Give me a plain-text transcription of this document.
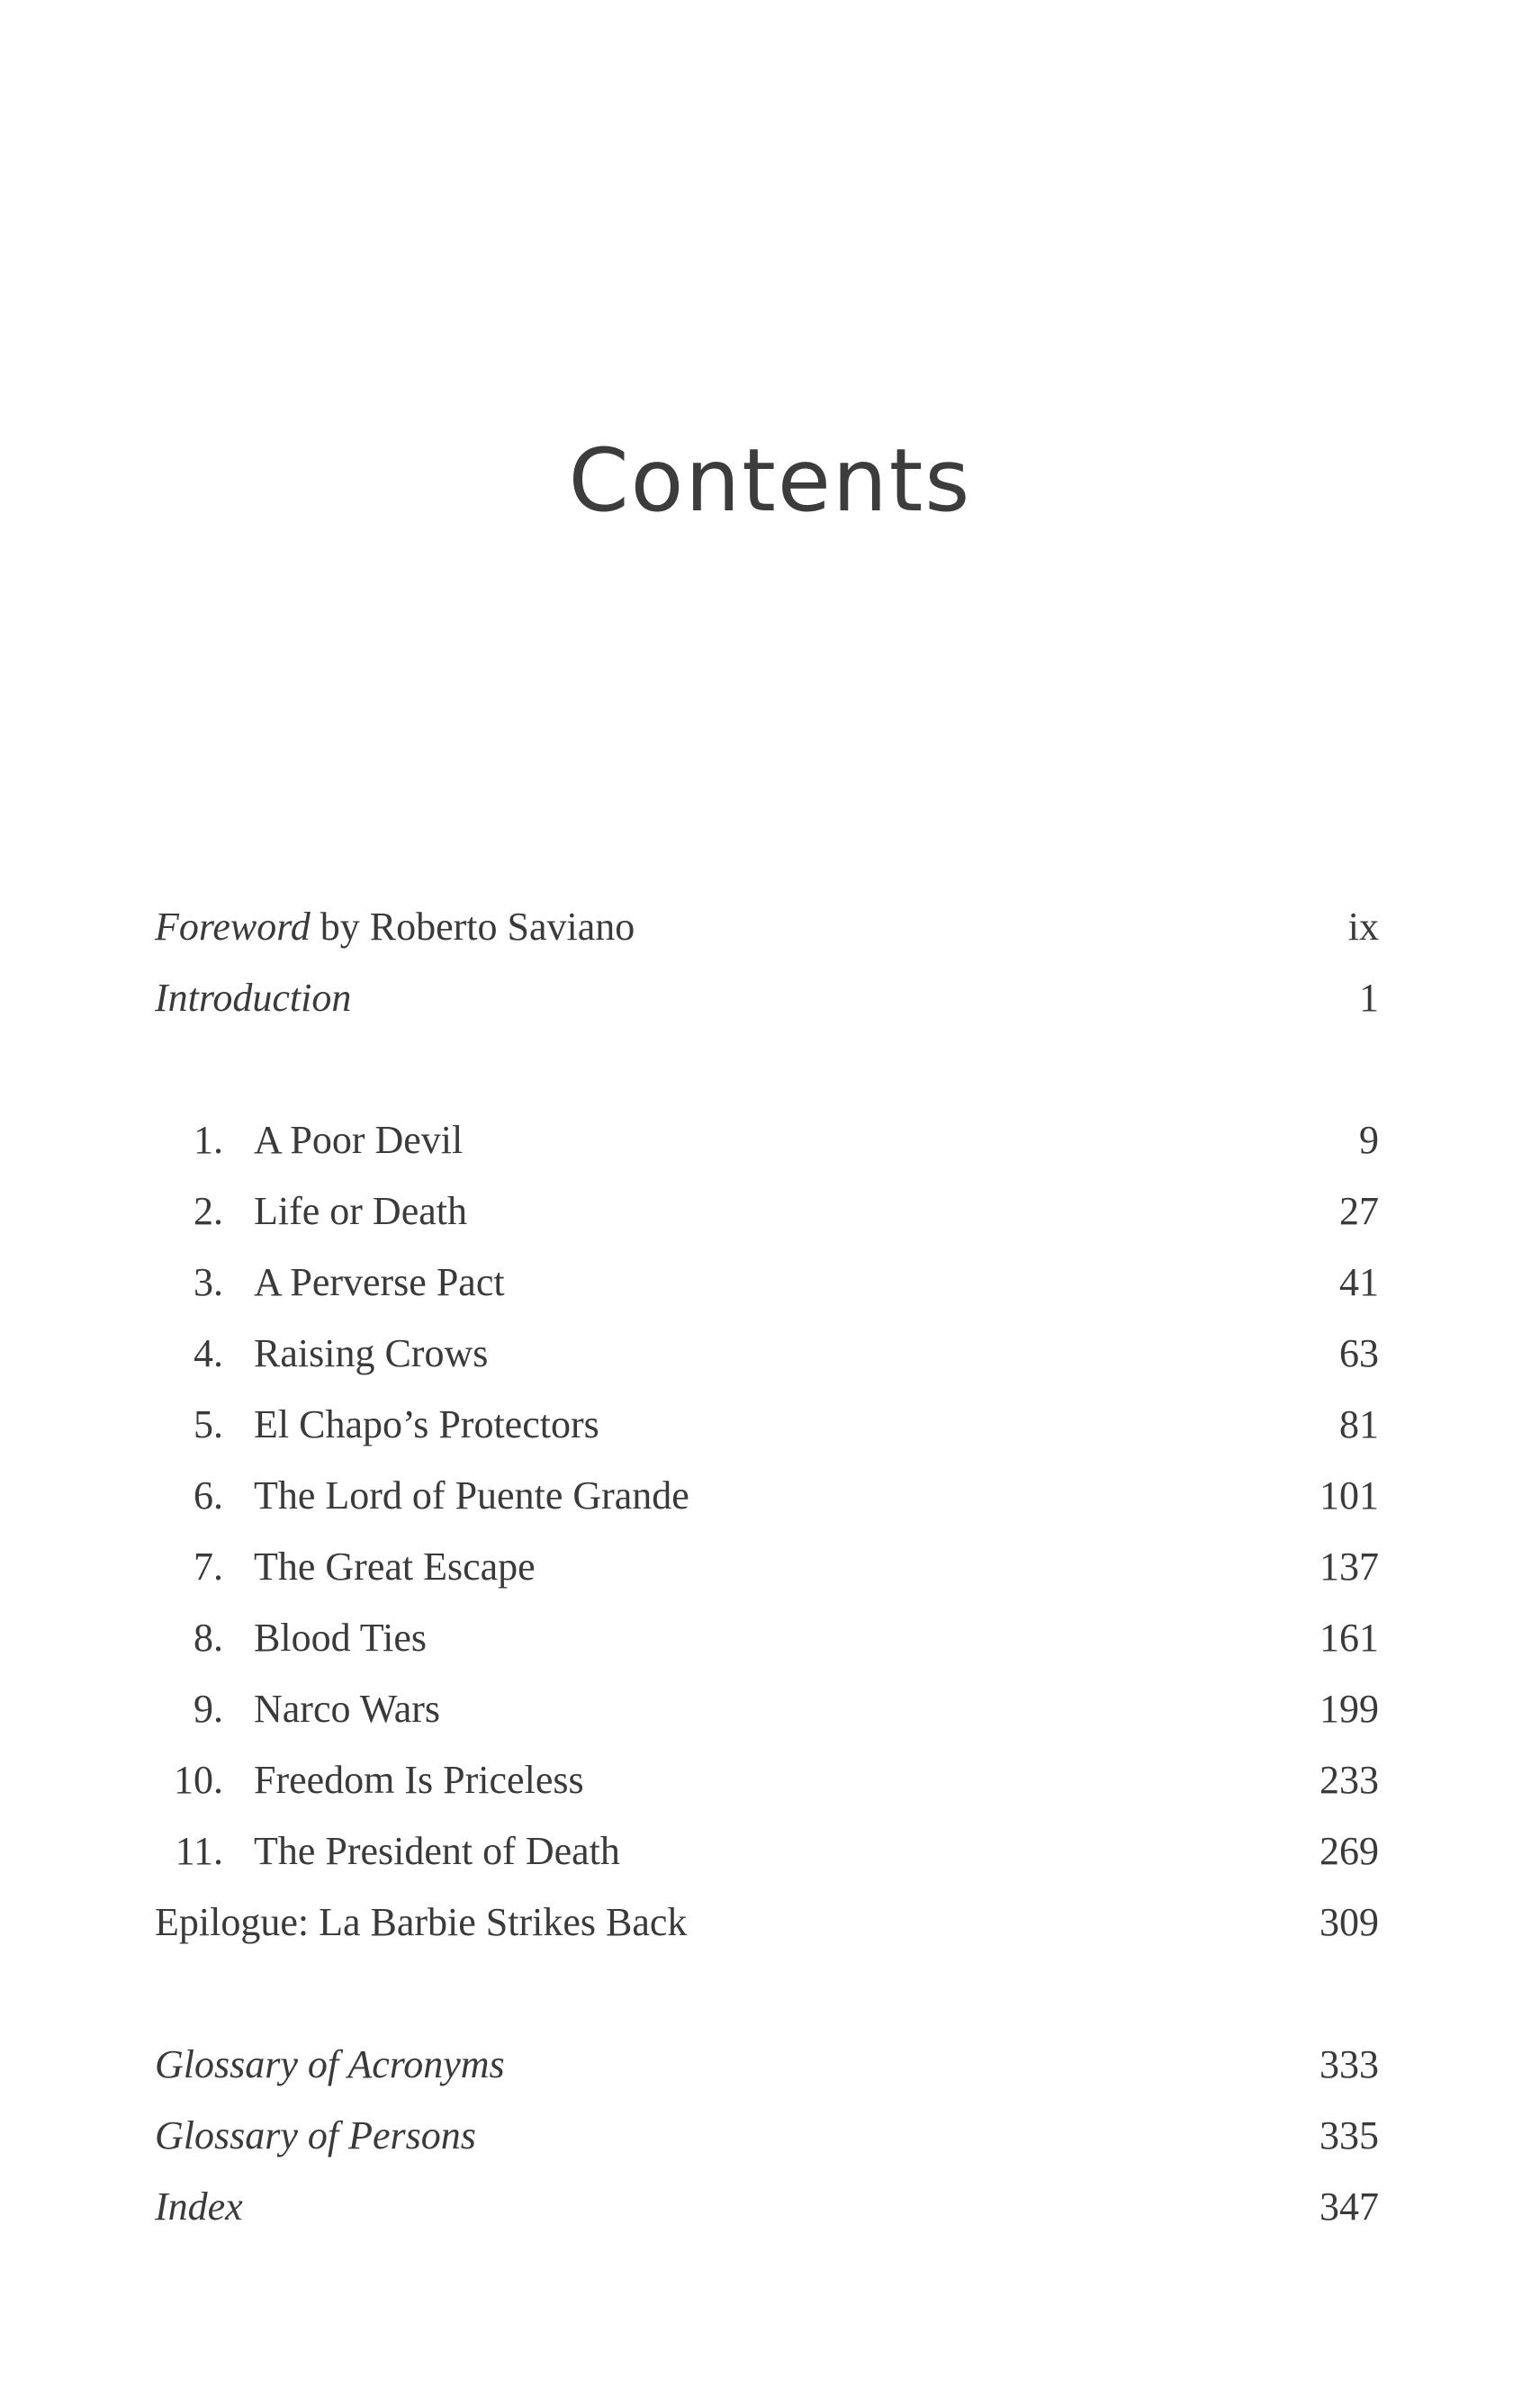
Contents
Foreword by Roberto Saviano	ix
Introduction	1
1. A Poor Devil	9
2. Life or Death	27
3. A Perverse Pact	41
4. Raising Crows	63
5. El Chapo’s Protectors	81
6. The Lord of Puente Grande	101
7. The Great Escape	137
8. Blood Ties	161
9. Narco Wars	199
10. Freedom Is Priceless	233
11. The President of Death	269
Epilogue: La Barbie Strikes Back	309
Glossary of Acronyms	333
Glossary of Persons	335
Index	347
